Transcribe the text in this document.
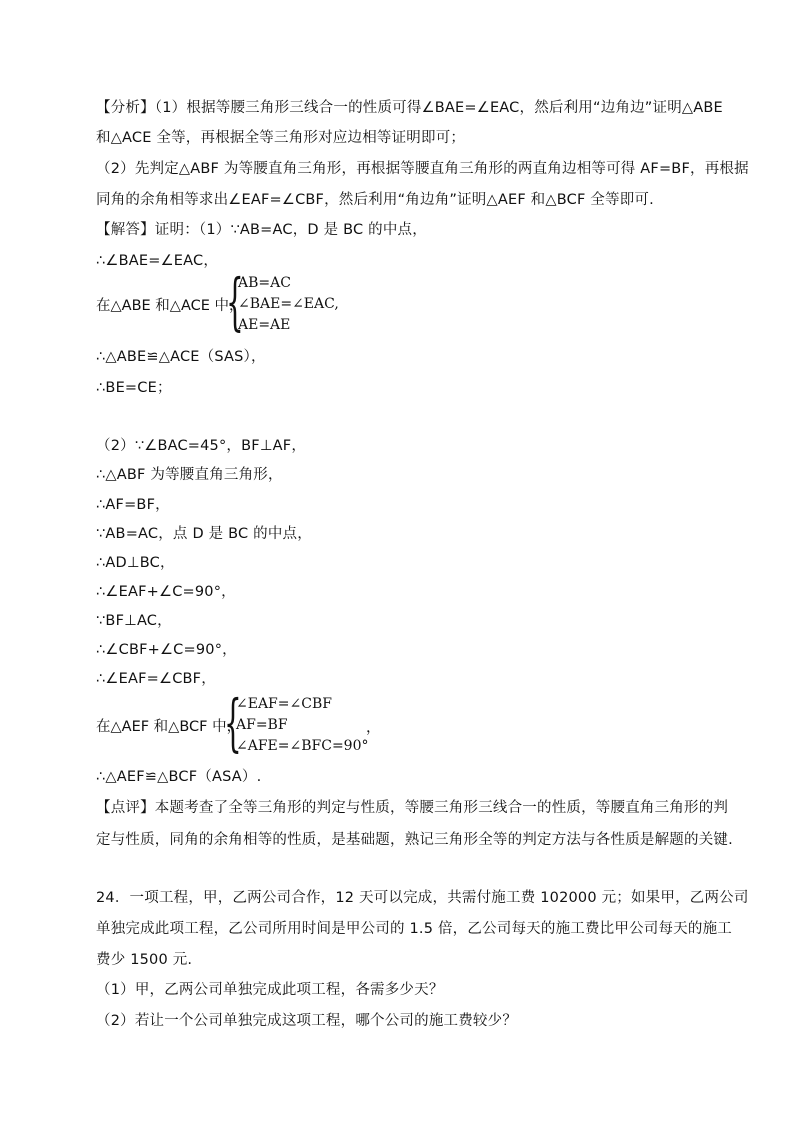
【分析】（1）根据等腰三角形三线合一的性质可得∠BAE=∠EAC，然后利用“边角边”证明△ABE
和△ACE 全等，再根据全等三角形对应边相等证明即可；
（2）先判定△ABF 为等腰直角三角形，再根据等腰直角三角形的两直角边相等可得 AF=BF，再根据
同角的余角相等求出∠EAF=∠CBF，然后利用“角边角”证明△AEF 和△BCF 全等即可.
【解答】证明：（1）∵AB=AC，D 是 BC 的中点，
∴∠BAE=∠EAC，
在△ABE 和△ACE 中，
{
AB=AC
∠BAE=∠EAC,
AE=AE
∴△ABE≌△ACE（SAS），
∴BE=CE；
（2）∵∠BAC=45°，BF⊥AF，
∴△ABF 为等腰直角三角形，
∴AF=BF，
∵AB=AC，点 D 是 BC 的中点，
∴AD⊥BC，
∴∠EAF+∠C=90°，
∵BF⊥AC，
∴∠CBF+∠C=90°，
∴∠EAF=∠CBF，
在△AEF 和△BCF 中，
{
∠EAF=∠CBF
AF=BF
∠AFE=∠BFC=90°
，
∴△AEF≌△BCF（ASA）.
【点评】本题考查了全等三角形的判定与性质，等腰三角形三线合一的性质，等腰直角三角形的判
定与性质，同角的余角相等的性质，是基础题，熟记三角形全等的判定方法与各性质是解题的关键.
24．一项工程，甲，乙两公司合作，12 天可以完成，共需付施工费 102000 元；如果甲，乙两公司
单独完成此项工程，乙公司所用时间是甲公司的 1.5 倍，乙公司每天的施工费比甲公司每天的施工
费少 1500 元.
（1）甲，乙两公司单独完成此项工程，各需多少天？
（2）若让一个公司单独完成这项工程，哪个公司的施工费较少？
